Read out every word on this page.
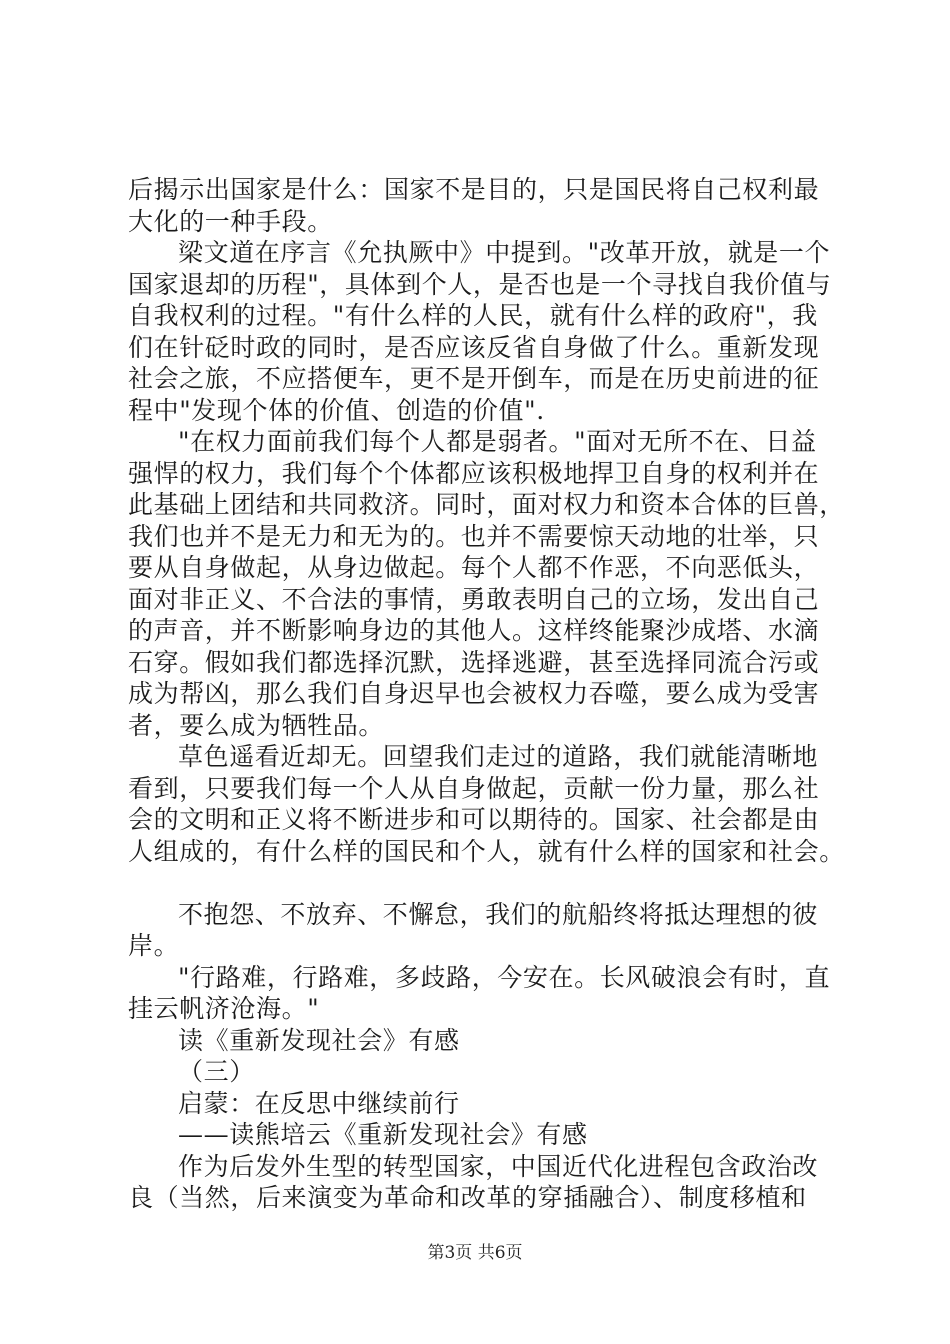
后揭示出国家是什么：国家不是目的，只是国民将自己权利最
大化的一种手段。
梁文道在序言《允执厥中》中提到。"改革开放，就是一个
国家退却的历程"，具体到个人，是否也是一个寻找自我价值与
自我权利的过程。"有什么样的人民，就有什么样的政府"，我
们在针砭时政的同时，是否应该反省自身做了什么。重新发现
社会之旅，不应搭便车，更不是开倒车，而是在历史前进的征
程中"发现个体的价值、创造的价值".
"在权力面前我们每个人都是弱者。"面对无所不在、日益
强悍的权力，我们每个个体都应该积极地捍卫自身的权利并在
此基础上团结和共同救济。同时，面对权力和资本合体的巨兽，
我们也并不是无力和无为的。也并不需要惊天动地的壮举，只
要从自身做起，从身边做起。每个人都不作恶，不向恶低头，
面对非正义、不合法的事情，勇敢表明自己的立场，发出自己
的声音，并不断影响身边的其他人。这样终能聚沙成塔、水滴
石穿。假如我们都选择沉默，选择逃避，甚至选择同流合污或
成为帮凶，那么我们自身迟早也会被权力吞噬，要么成为受害
者，要么成为牺牲品。
草色遥看近却无。回望我们走过的道路，我们就能清晰地
看到，只要我们每一个人从自身做起，贡献一份力量，那么社
会的文明和正义将不断进步和可以期待的。国家、社会都是由
人组成的，有什么样的国民和个人，就有什么样的国家和社会。
不抱怨、不放弃、不懈怠，我们的航船终将抵达理想的彼
岸。
"行路难，行路难，多歧路，今安在。长风破浪会有时，直
挂云帆济沧海。"
读《重新发现社会》有感
（三）
启蒙：在反思中继续前行
——读熊培云《重新发现社会》有感
作为后发外生型的转型国家，中国近代化进程包含政治改
良（当然，后来演变为革命和改革的穿插融合）、制度移植和
第3页 共6页
